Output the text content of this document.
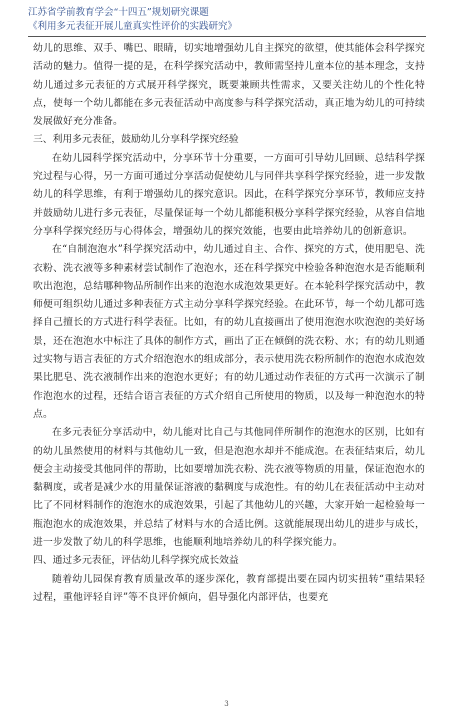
江苏省学前教育学会“十四五”规划研究课题
《利用多元表征开展儿童真实性评价的实践研究》

幼儿的思维、双手、嘴巴、眼睛，切实地增强幼儿自主探究的欲望，使其能体会科学探究活动的魅力。值得一提的是，在科学探究活动中，教师需坚持儿童本位的基本理念，支持幼儿通过多元表征的方式展开科学探究，既要兼顾共性需求，又要关注幼儿的个性化特点，使每一个幼儿都能在多元表征活动中高度参与科学探究活动，真正地为幼儿的可持续发展做好充分准备。

三、利用多元表征，鼓励幼儿分享科学探究经验

在幼儿园科学探究活动中，分享环节十分重要，一方面可引导幼儿回顾、总结科学探究过程与心得，另一方面可通过分享活动促使幼儿与同伴共享科学探究经验，进一步发散幼儿的科学思维，有利于增强幼儿的探究意识。因此，在科学探究分享环节，教师应支持并鼓励幼儿进行多元表征，尽量保证每一个幼儿都能积极分享科学探究经验，从容自信地分享科学探究经历与心得体会，增强幼儿的探究效能，也要由此培养幼儿的创新意识。

在“自制泡泡水”科学探究活动中，幼儿通过自主、合作、探究的方式，使用肥皂、洗衣粉、洗衣液等多种素材尝试制作了泡泡水，还在科学探究中检验各种泡泡水是否能顺利吹出泡泡，总结哪种物品所制作出来的泡泡水成泡效果更好。在本轮科学探究活动中，教师便可组织幼儿通过多种表征方式主动分享科学探究经验。在此环节，每一个幼儿都可选择自己擅长的方式进行科学表征。比如，有的幼儿直接画出了使用泡泡水吹泡泡的美好场景，还在泡泡水中标注了具体的制作方式，画出了正在倾倒的洗衣粉、水；有的幼儿则通过实物与语言表征的方式介绍泡泡水的组成部分，表示使用洗衣粉所制作的泡泡水成泡效果比肥皂、洗衣液制作出来的泡泡水更好；有的幼儿通过动作表征的方式再一次演示了制作泡泡水的过程，还结合语言表征的方式介绍自己所使用的物质，以及每一种泡泡水的特点。

在多元表征分享活动中，幼儿能对比自己与其他同伴所制作的泡泡水的区别，比如有的幼儿虽然使用的材料与其他幼儿一致，但是泡泡水却并不能成泡。在表征结束后，幼儿便会主动接受其他同伴的帮助，比如要增加洗衣粉、洗衣液等物质的用量，保证泡泡水的黏稠度，或者是减少水的用量保证溶液的黏稠度与成泡性。有的幼儿在表征活动中主动对比了不同材料制作的泡泡水的成泡效果，引起了其他幼儿的兴趣，大家开始一起检验每一瓶泡泡水的成泡效果，并总结了材料与水的合适比例。这就能展现出幼儿的进步与成长，进一步发散了幼儿的科学思维，也能顺利地培养幼儿的科学探究能力。

四、通过多元表征，评估幼儿科学探究成长效益

随着幼儿园保育教育质量改革的逐步深化，教育部提出要在园内切实扭转“重结果轻过程，重他评轻自评”等不良评价倾向，倡导强化内部评估，也要充

3
